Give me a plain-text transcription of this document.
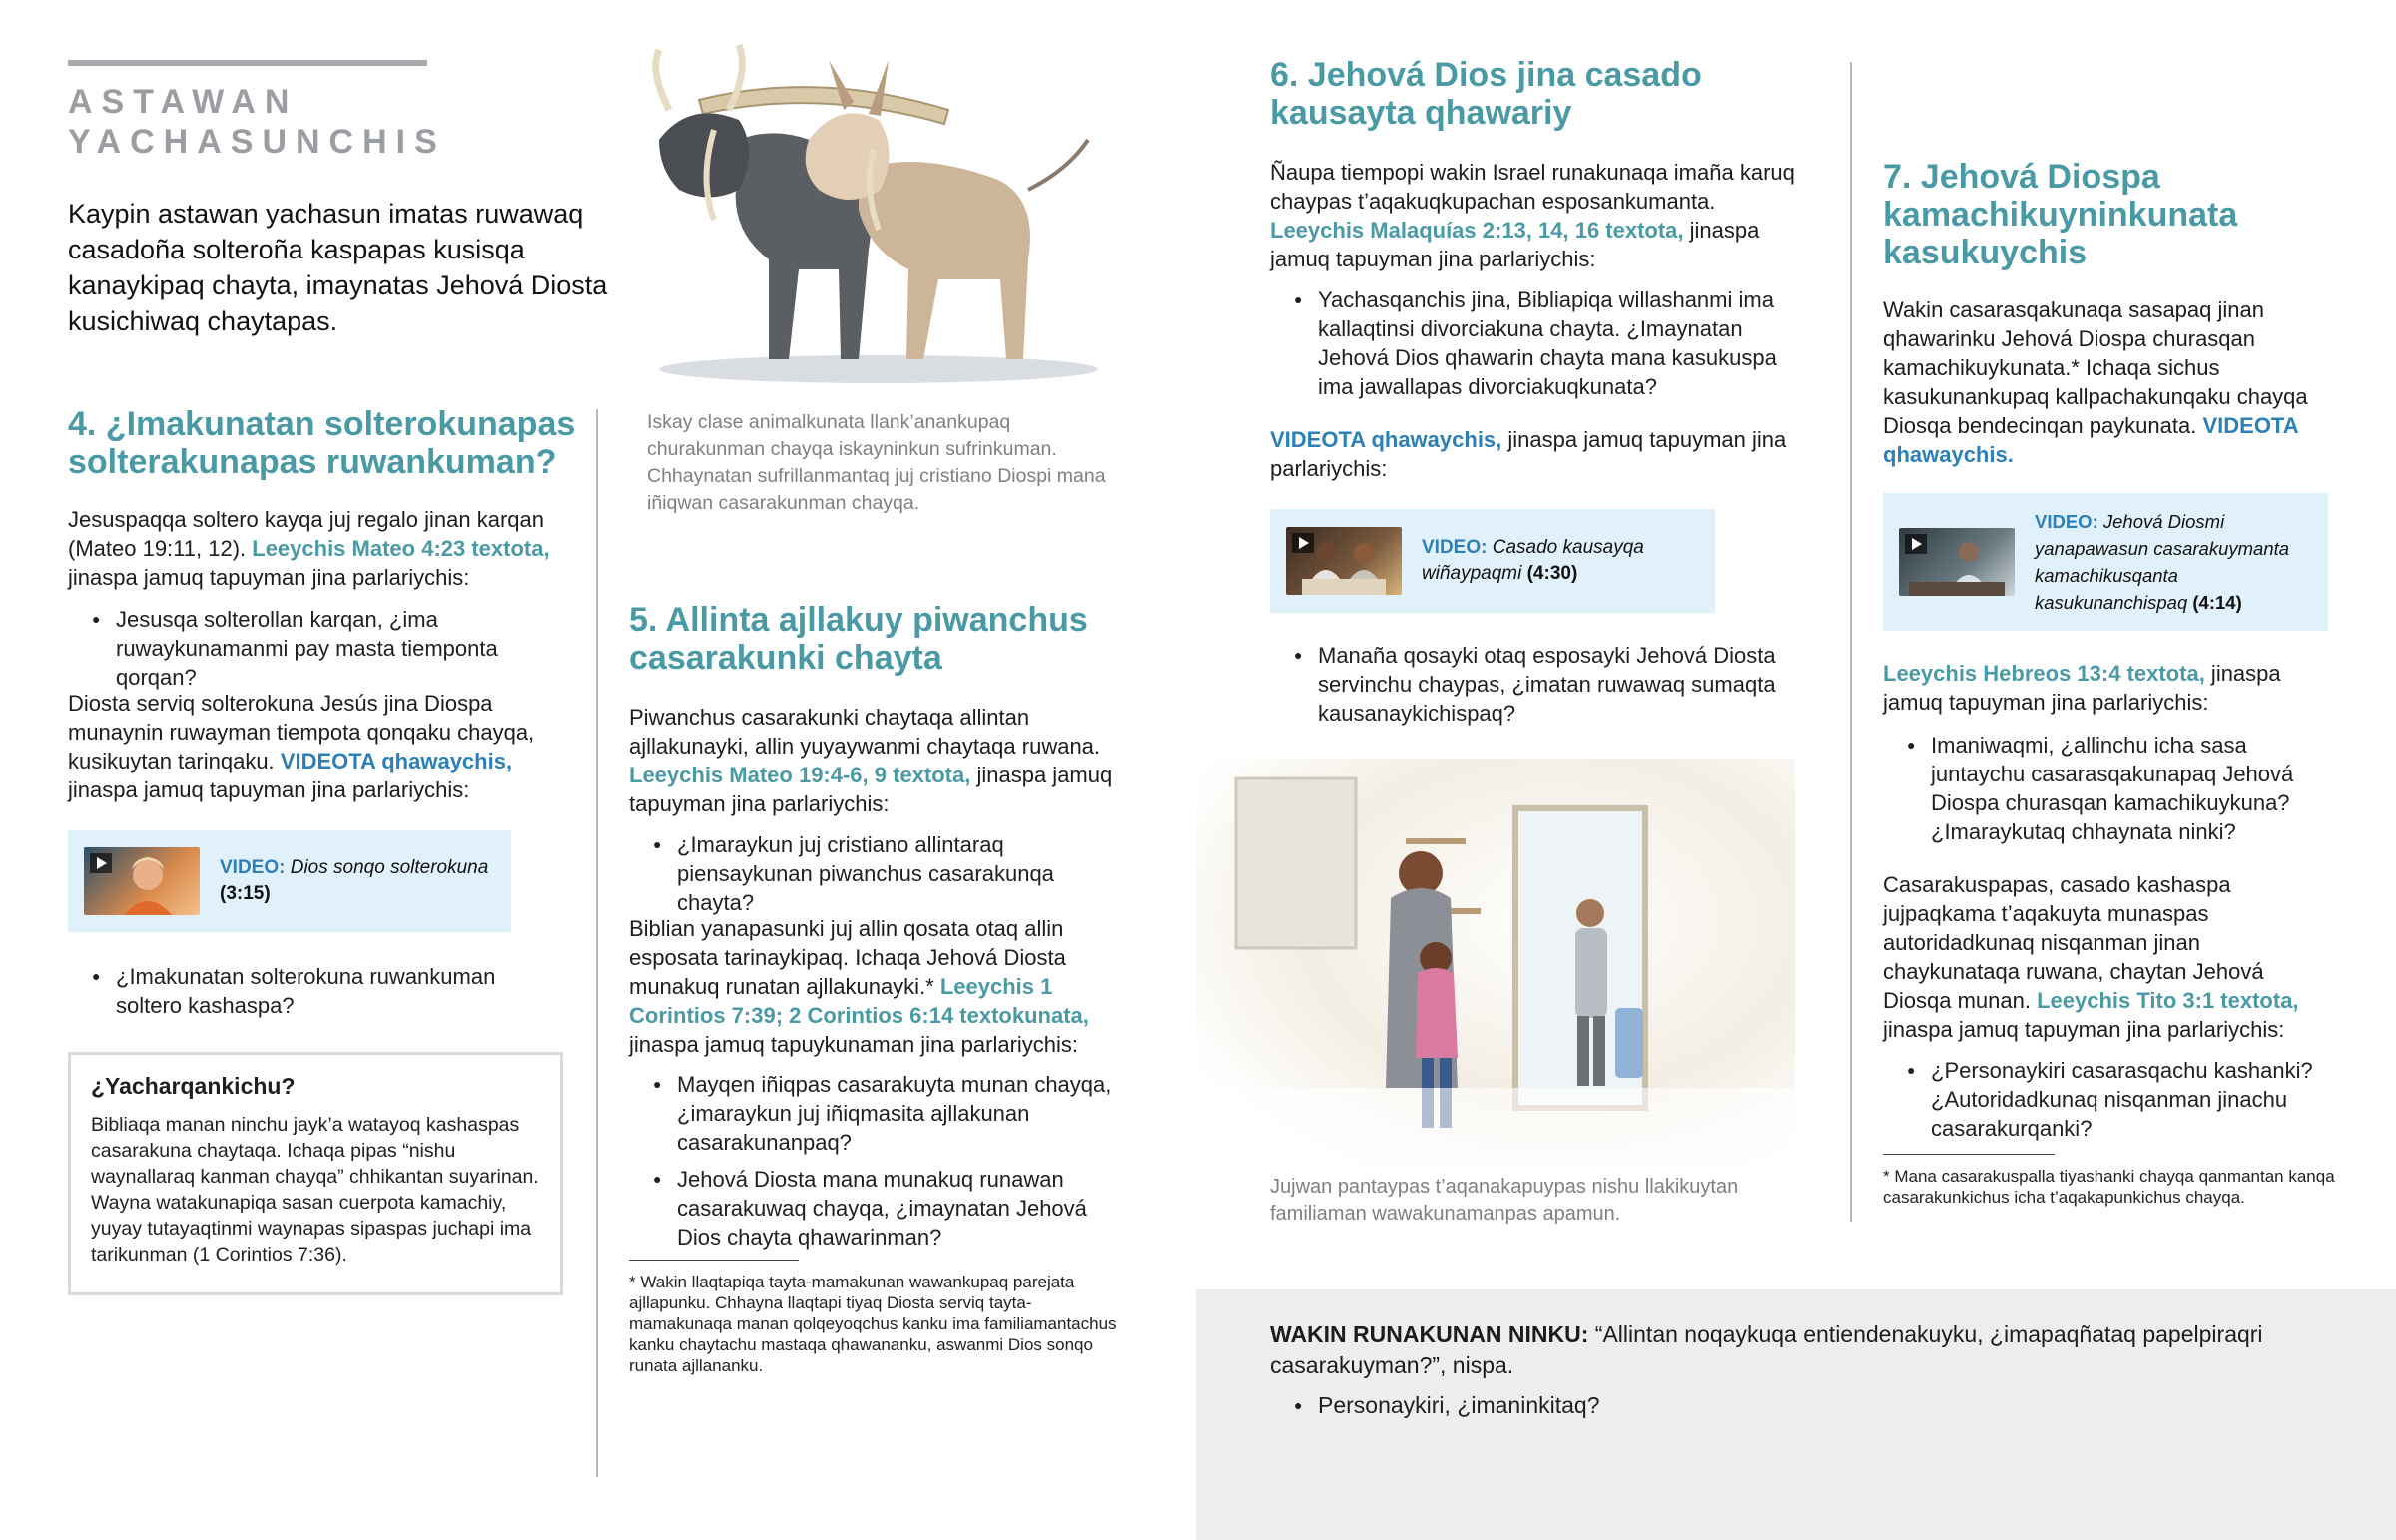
ASTAWAN
YACHASUNCHIS

Kaypin astawan yachasun imatas ruwawaq casadoña solteroña kaspapas kusisqa kanaykipaq chayta, imaynatas Jehová Diosta kusichiwaq chaytapas.

4. ¿Imakunatan solterokunapas solterakunapas ruwankuman?

Jesuspaqqa soltero kayqa juj regalo jinan karqan (Mateo 19:11, 12). Leeychis Mateo 4:23 textota, jinaspa jamuq tapuyman jina parlariychis:

● Jesusqa solterollan karqan, ¿ima ruwaykunamanmi pay masta tiemponta qorqan?

Diosta serviq solterokuna Jesús jina Diospa munaynin ruwayman tiempota qonqaku chayqa, kusikuytan tarinqaku. VIDEOTA qhawaychis, jinaspa jamuq tapuyman jina parlariychis:

VIDEO: Dios sonqo solterokuna (3:15)
● ¿Imakunatan solterokuna ruwankuman soltero kashaspa?
¿Yacharqankichu?

Bibliaqa manan ninchu jayk’a watayoq kashaspas casarakuna chaytaqa. Ichaqa pipas “nishu waynallaraq kanman chayqa” chhikantan suyarinan. Wayna watakunapiqa sasan cuerpota kamachiy, yuyay tutayaqtinmi waynapas sipaspas juchapi ima tarikunman (1 Corintios 7:36).

Iskay clase animalkunata llank’anankupaq churakunman chayqa iskayninkun sufrinkuman. Chhaynatan sufrillanmantaq juj cristiano Diospi mana iñiqwan casarakunman chayqa.

5. Allinta ajllakuy piwanchus casarakunki chayta

Piwanchus casarakunki chaytaqa allintan ajllakunayki, allin yuyaywanmi chaytaqa ruwana. Leeychis Mateo 19:4-6, 9 textota, jinaspa jamuq tapuyman jina parlariychis:

● ¿Imaraykun juj cristiano allintaraq piensaykunan piwanchus casarakunqa chayta?

Biblian yanapasunki juj allin qosata otaq allin esposata tarinaykipaq. Ichaqa Jehová Diosta munakuq runatan ajllakunayki.* Leeychis 1 Corintios 7:39; 2 Corintios 6:14 textokunata, jinaspa jamuq tapuykunaman jina parlariychis:

● Mayqen iñiqpas casarakuyta munan chayqa, ¿imaraykun juj iñiqmasita ajllakunan casarakunanpaq?
● Jehová Diosta mana munakuq runawan casarakuwaq chayqa, ¿imaynatan Jehová Dios chayta qhawarinman?

* Wakin llaqtapiqa tayta-mamakunan wawankupaq parejata ajllapunku. Chhayna llaqtapi tiyaq Diosta serviq tayta-mamakunaqa manan qolqeyoqchus kanku ima familiamantachus kanku chaytachu mastaqa qhawananku, aswanmi Dios sonqo runata ajllananku.

6. Jehová Dios jina casado kausayta qhawariy

Ñaupa tiempopi wakin Israel runakunaqa imaña karuq chaypas t’aqakuqkupachan esposankumanta. Leeychis Malaquías 2:13, 14, 16 textota, jinaspa jamuq tapuyman jina parlariychis:

● Yachasqanchis jina, Bibliapiqa willashanmi ima kallaqtinsi divorciakuna chayta. ¿Imaynatan Jehová Dios qhawarin chayta mana kasukuspa ima jawallapas divorciakuqkunata?

VIDEOTA qhawaychis, jinaspa jamuq tapuyman jina parlariychis:

VIDEO: Casado kausayqa wiñaypaqmi (4:30)
● Manaña qosayki otaq esposayki Jehová Diosta servinchu chaypas, ¿imatan ruwawaq sumaqta kausanaykichispaq?

Jujwan pantaypas t’aqanakapuypas nishu llakikuytan familiaman wawakunamanpas apamun.

7. Jehová Diospa kamachikuyninkunata kasukuychis

Wakin casarasqakunaqa sasapaq jinan qhawarinku Jehová Diospa churasqan kamachikuykunata.* Ichaqa sichus kasukunankupaq kallpachakunqaku chayqa Diosqa bendecinqan paykunata. VIDEOTA qhawaychis.

VIDEO: Jehová Diosmi yanapawasun casarakuymanta kamachikusqanta kasukunanchispaq (4:14)

Leeychis Hebreos 13:4 textota, jinaspa jamuq tapuyman jina parlariychis:

● Imaniwaqmi, ¿allinchu icha sasa juntaychu casarasqakunapaq Jehová Diospa churasqan kamachikuykuna? ¿Imaraykutaq chhaynata ninki?

Casarakuspapas, casado kashaspa jujpaqkama t’aqakuyta munaspas autoridadkunaq nisqanman jinan chaykunataqa ruwana, chaytan Jehová Diosqa munan. Leeychis Tito 3:1 textota, jinaspa jamuq tapuyman jina parlariychis:

● ¿Personaykiri casarasqachu kashanki? ¿Autoridadkunaq nisqanman jinachu casarakurqanki?

* Mana casarakuspalla tiyashanki chayqa qanmantan kanqa casarakunkichus icha t’aqakapunkichus chayqa.

WAKIN RUNAKUNAN NINKU: “Allintan noqaykuqa entiendenakuyku, ¿imapaqñataq papelpiraqri casarakuyman?”, nispa.

● Personaykiri, ¿imaninkitaq?
